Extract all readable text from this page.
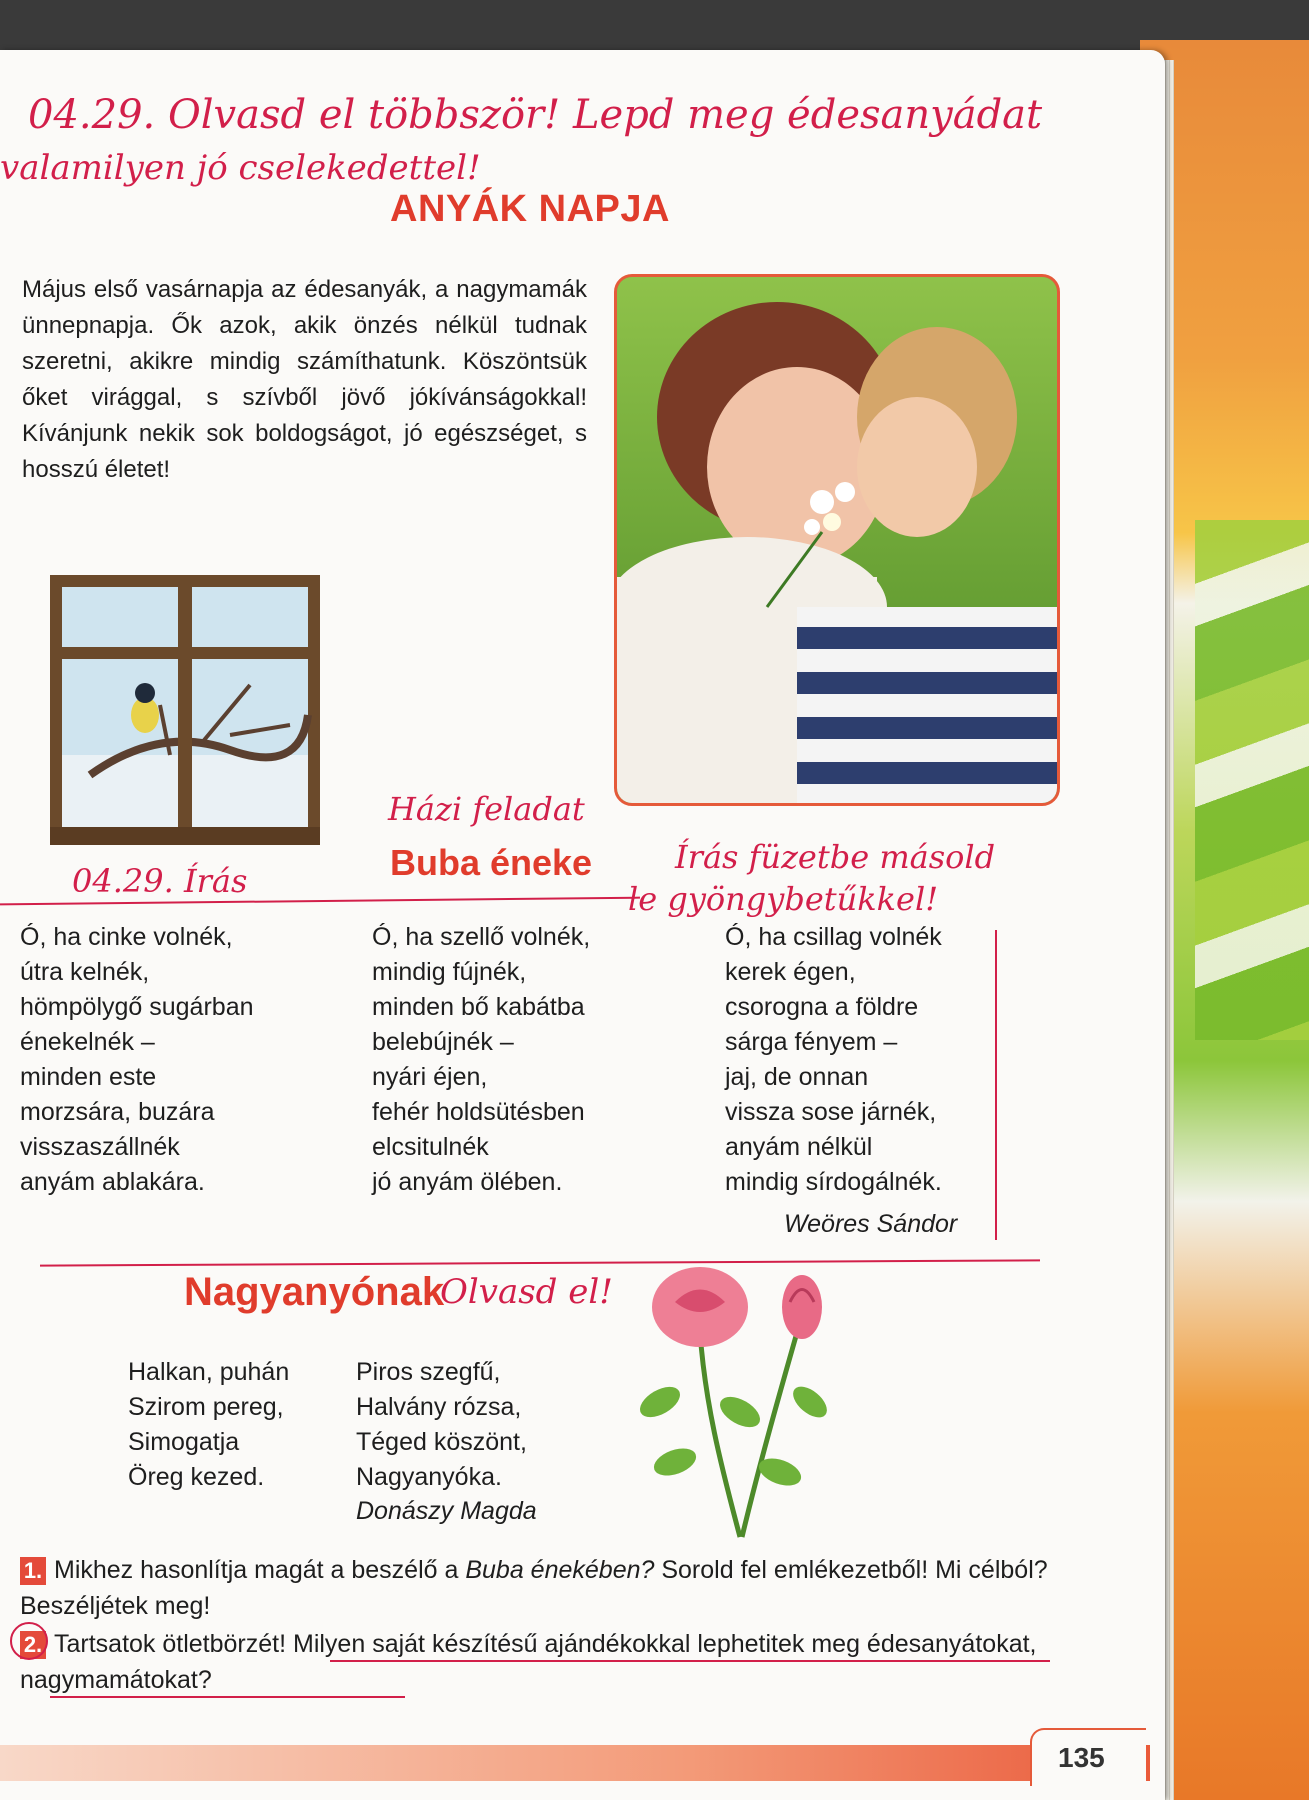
04.29. Olvasd el többször! Lepd meg édesanyádat
valamilyen jó cselekedettel!
ANYÁK NAPJA
Május első vasárnapja az édesanyák, a nagymamák ünnepnapja. Ők azok, akik önzés nélkül tudnak szeretni, akikre mindig számíthatunk. Köszöntsük őket virággal, s szívből jövő jókívánságokkal! Kívánjunk nekik sok boldogságot, jó egészséget, s hosszú életet!
Házi feladat
Írás füzetbe másold
le gyöngybetűkkel!
04.29. Írás	Buba éneke
Ó, ha cinke volnék,
útra kelnék,
hömpölygő sugárban
énekelnék –
minden este
morzsára, buzára
visszaszállnék
anyám ablakára.
Ó, ha szellő volnék,
mindig fújnék,
minden bő kabátba
belebújnék –
nyári éjen,
fehér holdsütésben
elcsitulnék
jó anyám ölében.
Ó, ha csillag volnék
kerek égen,
csorogna a földre
sárga fényem –
jaj, de onnan
vissza sose járnék,
anyám nélkül
mindig sírdogálnék.
Weöres Sándor
Nagyanyónak
Olvasd el!
Halkan, puhán
Szirom pereg,
Simogatja
Öreg kezed.
Piros szegfű,
Halvány rózsa,
Téged köszönt,
Nagyanyóka.
Donászy Magda
1. Mikhez hasonlítja magát a beszélő a Buba énekében? Sorold fel emlékezetből! Mi célból? Beszéljétek meg!
2. Tartsatok ötletbörzét! Milyen saját készítésű ajándékokkal lephetitek meg édesanyátokat, nagymamátokat?
135
